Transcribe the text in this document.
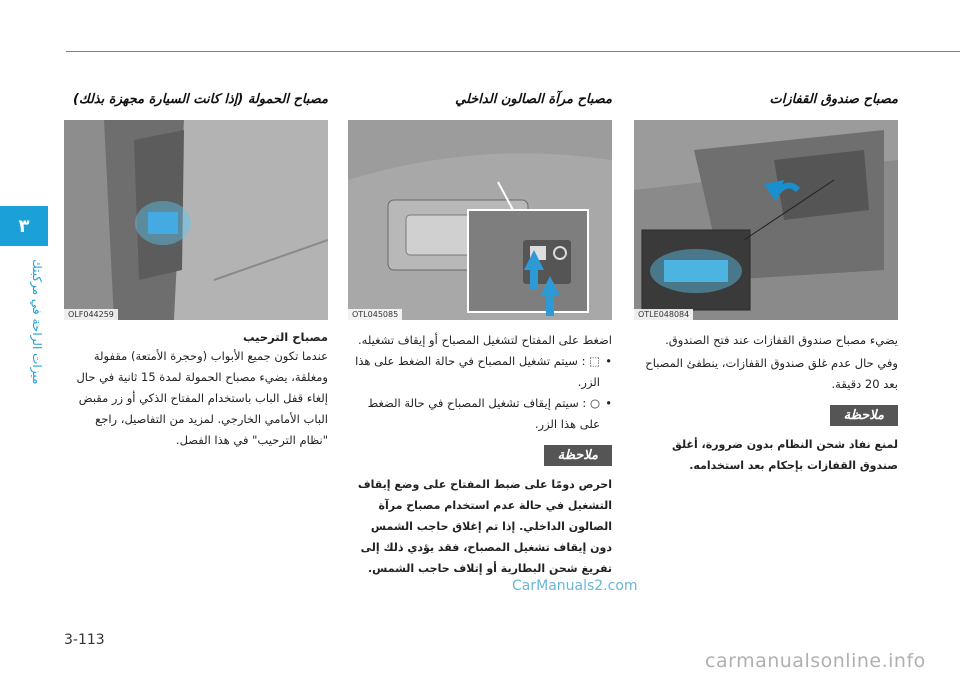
٣
ميزات الراحة في مركبتك
مصباح صندوق القفازات
OTLE048084
يضيء مصباح صندوق القفازات عند فتح الصندوق.
وفي حال عدم غلق صندوق القفازات، ينطفئ المصباح بعد 20 دقيقة.
ملاحظة
لمنع نفاد شحن النظام بدون ضرورة، أغلق صندوق القفازات بإحكام بعد استخدامه.
مصباح مرآة الصالون الداخلي
OTL045085
اضغط على المفتاح لتشغيل المصباح أو إيقاف تشغيله.
• ⬚ : سيتم تشغيل المصباح في حالة الضغط على هذا الزر.
• ○ : سيتم إيقاف تشغيل المصباح في حالة الضغط على هذا الزر.
ملاحظة
احرص دومًا على ضبط المفتاح على وضع إيقاف التشغيل في حالة عدم استخدام مصباح مرآة الصالون الداخلي. إذا تم إغلاق حاجب الشمس دون إيقاف تشغيل المصباح، فقد يؤدي ذلك إلى تفريغ شحن البطارية أو إتلاف حاجب الشمس.
مصباح الحمولة (إذا كانت السيارة مجهزة بذلك)
OLF044259
مصباح الترحيب
عندما تكون جميع الأبواب (وحجرة الأمتعة) مقفولة ومغلقة، يضيء مصباح الحمولة لمدة 15 ثانية في حال إلغاء قفل الباب باستخدام المفتاح الذكي أو زر مقبض الباب الأمامي الخارجي. لمزيد من التفاصيل، راجع "نظام الترحيب" في هذا الفصل.
3-113
CarManuals2.com
carmanualsonline.info
